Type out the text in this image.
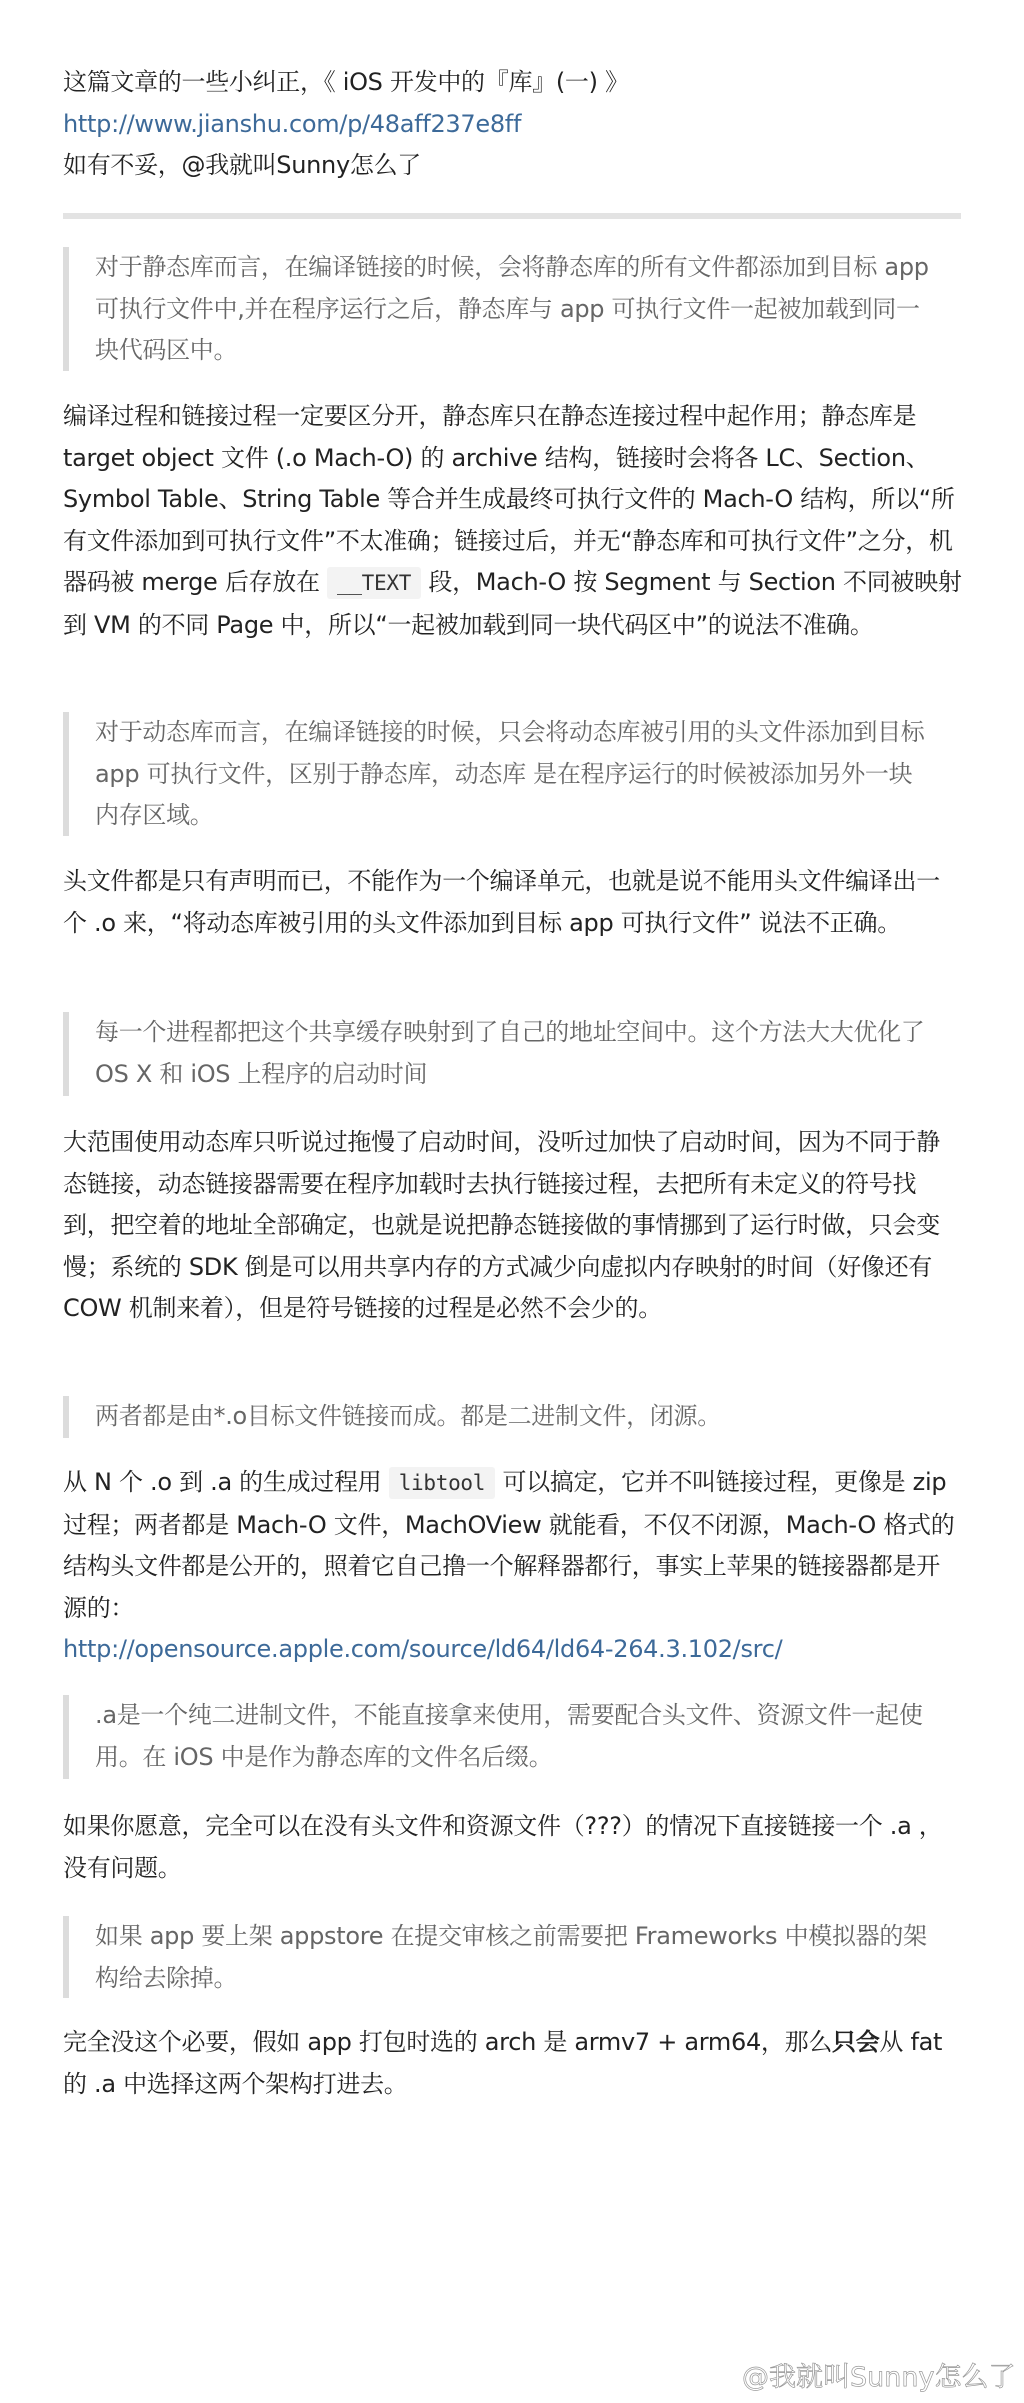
这篇文章的一些小纠正，《 iOS 开发中的『库』(一) 》

http://www.jianshu.com/p/48aff237e8ff

如有不妥，@我就叫Sunny怎么了

对于静态库而言，在编译链接的时候，会将静态库的所有文件都添加到目标 app 可执行文件中,并在程序运行之后，静态库与 app 可执行文件一起被加载到同一块代码区中。

编译过程和链接过程一定要区分开，静态库只在静态连接过程中起作用；静态库是 target object 文件 (.o Mach-O) 的 archive 结构，链接时会将各 LC、Section、Symbol Table、String Table 等合并生成最终可执行文件的 Mach-O 结构，所以“所有文件添加到可执行文件”不太准确；链接过后，并无“静态库和可执行文件”之分，机器码被 merge 后存放在 __TEXT 段，Mach-O 按 Segment 与 Section 不同被映射到 VM 的不同 Page 中，所以“一起被加载到同一块代码区中”的说法不准确。

对于动态库而言，在编译链接的时候，只会将动态库被引用的头文件添加到目标 app 可执行文件，区别于静态库，动态库 是在程序运行的时候被添加另外一块内存区域。

头文件都是只有声明而已，不能作为一个编译单元，也就是说不能用头文件编译出一个 .o 来，“将动态库被引用的头文件添加到目标 app 可执行文件” 说法不正确。

每一个进程都把这个共享缓存映射到了自己的地址空间中。这个方法大大优化了 OS X 和 iOS 上程序的启动时间

大范围使用动态库只听说过拖慢了启动时间，没听过加快了启动时间，因为不同于静态链接，动态链接器需要在程序加载时去执行链接过程，去把所有未定义的符号找到，把空着的地址全部确定，也就是说把静态链接做的事情挪到了运行时做，只会变慢；系统的 SDK 倒是可以用共享内存的方式减少向虚拟内存映射的时间（好像还有 COW 机制来着），但是符号链接的过程是必然不会少的。

两者都是由*.o目标文件链接而成。都是二进制文件，闭源。

从 N 个 .o 到 .a 的生成过程用 libtool 可以搞定，它并不叫链接过程，更像是 zip 过程；两者都是 Mach-O 文件，MachOView 就能看，不仅不闭源，Mach-O 格式的结构头文件都是公开的，照着它自己撸一个解释器都行，事实上苹果的链接器都是开源的：
http://opensource.apple.com/source/ld64/ld64-264.3.102/src/

.a是一个纯二进制文件，不能直接拿来使用，需要配合头文件、资源文件一起使用。在 iOS 中是作为静态库的文件名后缀。

如果你愿意，完全可以在没有头文件和资源文件（???）的情况下直接链接一个 .a ，没有问题。

如果 app 要上架 appstore 在提交审核之前需要把 Frameworks 中模拟器的架构给去除掉。

完全没这个必要，假如 app 打包时选的 arch 是 armv7 + arm64，那么只会从 fat 的 .a 中选择这两个架构打进去。

@我就叫Sunny怎么了
